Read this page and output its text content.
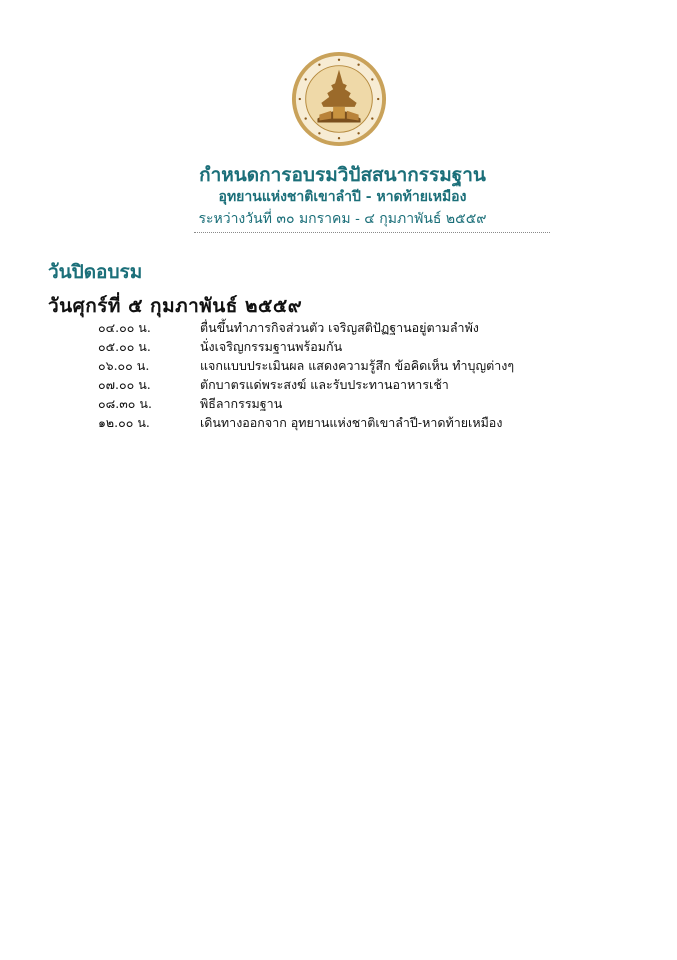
กำหนดการอบรมวิปัสสนากรรมฐาน
อุทยานแห่งชาติเขาลำปี - หาดท้ายเหมือง
ระหว่างวันที่ ๓๐ มกราคม - ๔ กุมภาพันธ์ ๒๕๕๙
วันปิดอบรม
วันศุกร์ที่ ๕ กุมภาพันธ์ ๒๕๕๙
๐๔.๐๐ น.	ตื่นขึ้นทำภารกิจส่วนตัว เจริญสติปัฏฐานอยู่ตามลำพัง
๐๕.๐๐ น.	นั่งเจริญกรรมฐานพร้อมกัน
๐๖.๐๐ น.	แจกแบบประเมินผล แสดงความรู้สึก ข้อคิดเห็น ทำบุญต่างๆ
๐๗.๐๐ น.	ตักบาตรแด่พระสงฆ์ และรับประทานอาหารเช้า
๐๘.๓๐ น.	พิธีลากรรมฐาน
๑๒.๐๐ น.	เดินทางออกจาก อุทยานแห่งชาติเขาลำปี-หาดท้ายเหมือง
